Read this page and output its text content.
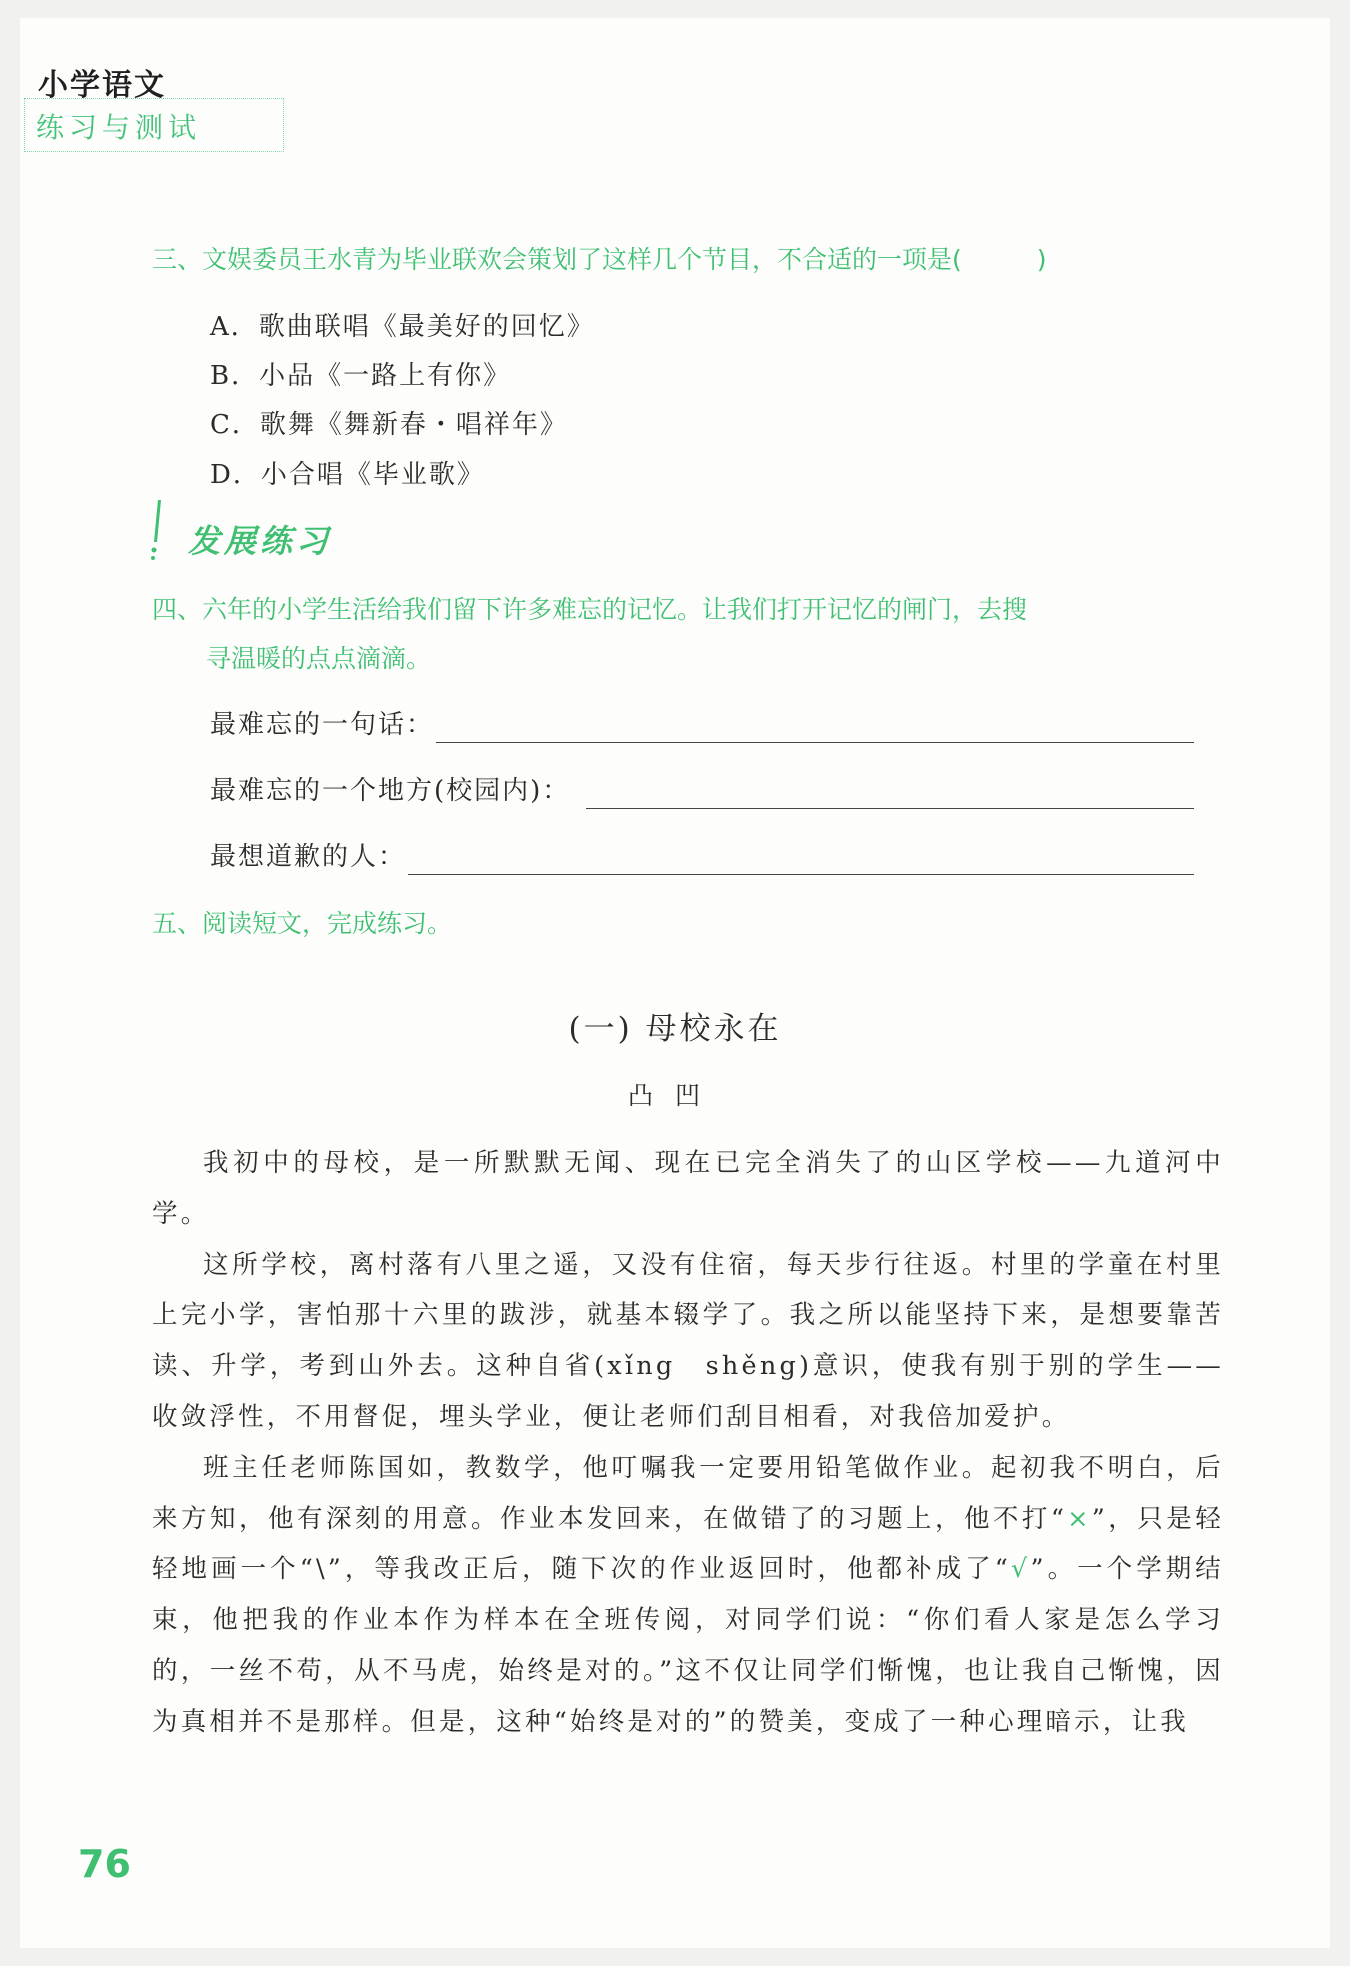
小学语文
练习与测试
三、文娱委员王水青为毕业联欢会策划了这样几个节目，不合适的一项是(　　　)
A．歌曲联唱《最美好的回忆》
B．小品《一路上有你》
C．歌舞《舞新春・唱祥年》
D．小合唱《毕业歌》
发展练习
四、六年的小学生活给我们留下许多难忘的记忆。让我们打开记忆的闸门，去搜
寻温暖的点点滴滴。
最难忘的一句话：
最难忘的一个地方(校园内)：
最想道歉的人：
五、阅读短文，完成练习。
(一) 母校永在
凸凹

我初中的母校，是一所默默无闻、现在已完全消失了的山区学校——九道河中学。

这所学校，离村落有八里之遥，又没有住宿，每天步行往返。村里的学童在村里上完小学，害怕那十六里的跋涉，就基本辍学了。我之所以能坚持下来，是想要靠苦读、升学，考到山外去。这种自省(xǐng　shěng)意识，使我有别于别的学生——收敛浮性，不用督促，埋头学业，便让老师们刮目相看，对我倍加爱护。

班主任老师陈国如，教数学，他叮嘱我一定要用铅笔做作业。起初我不明白，后来方知，他有深刻的用意。作业本发回来，在做错了的习题上，他不打“×”，只是轻轻地画一个“\”，等我改正后，随下次的作业返回时，他都补成了“√”。一个学期结束，他把我的作业本作为样本在全班传阅，对同学们说：“你们看人家是怎么学习的，一丝不苟，从不马虎，始终是对的。”这不仅让同学们惭愧，也让我自己惭愧，因为真相并不是那样。但是，这种“始终是对的”的赞美，变成了一种心理暗示，让我

76
